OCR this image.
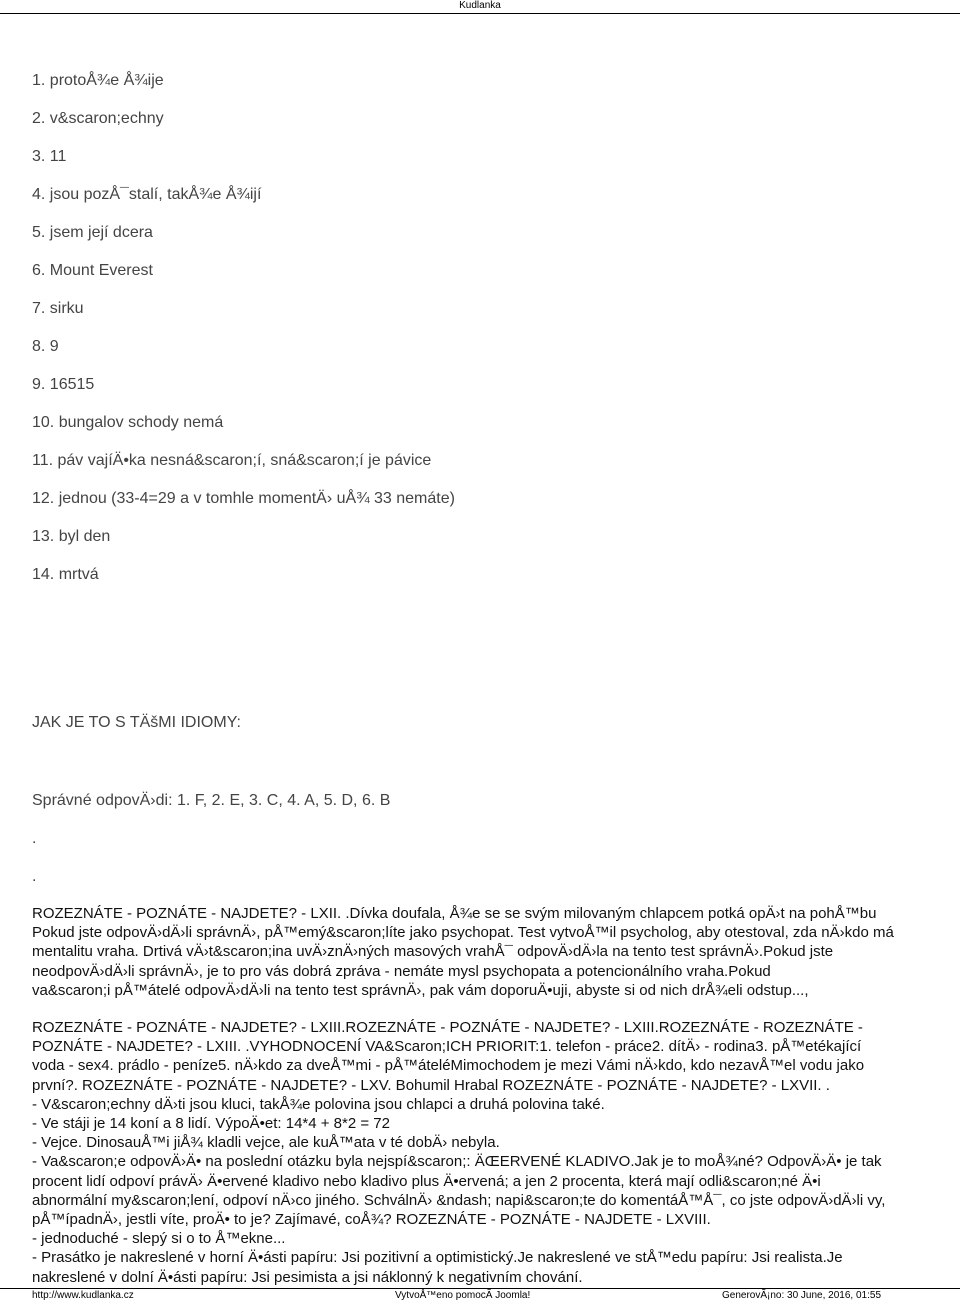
Kudlanka
1. protoÅ¾e Å¾ije
2. v&scaron;echny
3. 11
4. jsou pozÅ¯stalí, takÅ¾e Å¾ijí
5. jsem její dcera
6. Mount Everest
7. sirku
8. 9
9. 16515
10. bungalov schody nemá
11. páv vajíÄ•ka nesná&scaron;í, sná&scaron;í je pávice
12. jednou (33-4=29 a v tomhle momentÄ› uÅ¾ 33 nemáte)
13. byl den
14. mrtvá
JAK JE TO S TÄšMI IDIOMY:
Správné odpovÄ›di: 1. F, 2. E, 3. C, 4. A, 5. D, 6. B
.
.
ROZEZNÁTE - POZNÁTE - NAJDETE? - LXII. .Dívka doufala, Å¾e se se svým milovaným chlapcem potká opÄ›t na pohÅ™bu
Pokud jste odpovÄ›dÄ›li správnÄ›, pÅ™emý&scaron;líte jako psychopat. Test vytvoÅ™il psycholog, aby otestoval, zda nÄ›kdo má
mentalitu vraha. Drtivá vÄ›t&scaron;ina uvÄ›znÄ›ných masových vrahÅ¯ odpovÄ›dÄ›la na tento test správnÄ›.Pokud jste
neodpovÄ›dÄ›li správnÄ›, je to pro vás dobrá zpráva - nemáte mysl psychopata a potencionálního vraha.Pokud
va&scaron;i pÅ™átelé odpovÄ›dÄ›li na tento test správnÄ›, pak vám doporuÄ•uji, abyste si od nich drÅ¾eli odstup...,
ROZEZNÁTE - POZNÁTE - NAJDETE? - LXIII.ROZEZNÁTE - POZNÁTE - NAJDETE? - LXIII.ROZEZNÁTE - ROZEZNÁTE -
POZNÁTE - NAJDETE? - LXIII. .VYHODNOCENÍ VA&Scaron;ICH PRIORIT:1. telefon - práce2. dítÄ› - rodina3. pÅ™etékající
voda - sex4. prádlo - peníze5. nÄ›kdo za dveÅ™mi - pÅ™áteléMimochodem je mezi Vámi nÄ›kdo, kdo nezavÅ™el vodu jako
první?. ROZEZNÁTE - POZNÁTE - NAJDETE? - LXV. Bohumil Hrabal ROZEZNÁTE - POZNÁTE - NAJDETE? - LXVII. .
- V&scaron;echny dÄ›ti jsou kluci, takÅ¾e polovina jsou chlapci a druhá polovina také.
- Ve stáji je 14 koní a 8 lidí. VýpoÄ•et: 14*4 + 8*2 = 72
- Vejce. DinosauÅ™i jiÅ¾ kladli vejce, ale kuÅ™ata v té dobÄ› nebyla.
- Va&scaron;e odpovÄ›Ä• na poslední otázku byla nejspí&scaron;: ÄŒERVENÉ KLADIVO.Jak je to moÅ¾né? OdpovÄ›Ä• je tak
procent lidí odpoví právÄ› Ä•ervené kladivo nebo kladivo plus Ä•ervená; a jen 2 procenta, která mají odli&scaron;né Ä•i
abnormální my&scaron;lení, odpoví nÄ›co jiného. SchválnÄ› &ndash; napi&scaron;te do komentáÅ™Å¯, co jste odpovÄ›dÄ›li vy,
pÅ™ípadnÄ›, jestli víte, proÄ• to je? Zajímavé, coÅ¾? ROZEZNÁTE - POZNÁTE - NAJDETE - LXVIII.
- jednoduché - slepý si o to Å™ekne...
- Prasátko je nakreslené v horní Ä•ásti papíru: Jsi pozitivní a optimistický.Je nakreslené ve stÅ™edu papíru: Jsi realista.Je
nakreslené v dolní Ä•ásti papíru: Jsi pesimista a jsi náklonný k negativním chování.
http://www.kudlanka.cz	VytvoÅ™eno pomocÃ Joomla!	GenerovÃ¡no: 30 June, 2016, 01:55
